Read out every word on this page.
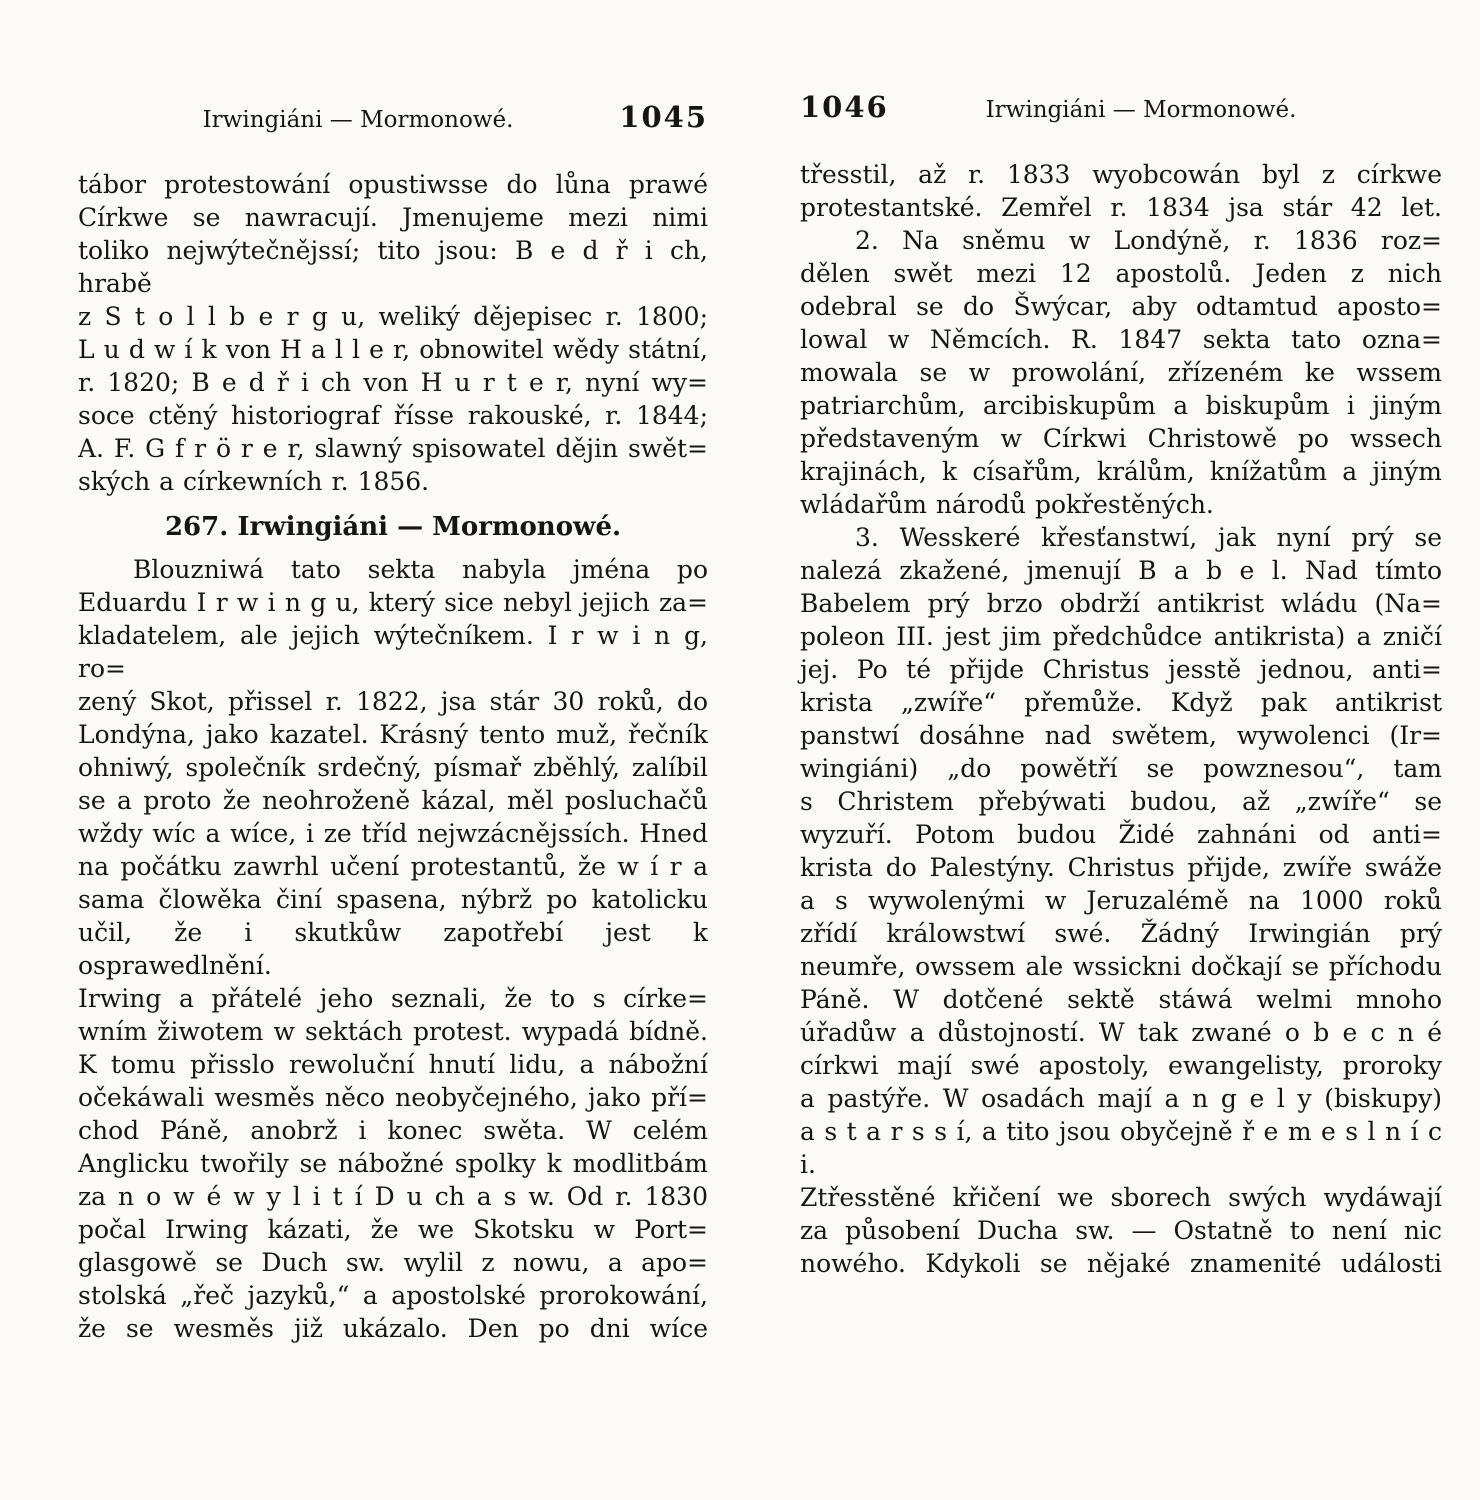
Irwingiáni — Mormonowé.	1045
tábor protestowání opustiwsse do lůna prawé
Církwe se nawracují. Jmenujeme mezi nimi
toliko nejwýtečnějssí; tito jsou: B e d ř i ch, hrabě
z S t o l l b e r g u, weliký dějepisec r. 1800;
L u d w í k von H a l l e r, obnowitel wědy státní,
r. 1820; B e d ř i ch von H u r t e r, nyní wy=
soce ctěný historiograf řísse rakouské, r. 1844;
A. F. G f r ö r e r, slawný spisowatel dějin swět=
ských a církewních r. 1856.
267. Irwingiáni — Mormonowé.
Blouzniwá tato sekta nabyla jména po
Eduardu I r w i n g u, který sice nebyl jejich za=
kladatelem, ale jejich wýtečníkem. I r w i n g, ro=
zený Skot, přissel r. 1822, jsa stár 30 roků, do
Londýna, jako kazatel. Krásný tento muž, řečník
ohniwý, společník srdečný, písmař zběhlý, zalíbil
se a proto že neohroženě kázal, měl posluchačů
wždy wíc a wíce, i ze tříd nejwzácnějssích. Hned
na počátku zawrhl učení protestantů, že w í r a
sama člowěka činí spasena, nýbrž po katolicku
učil, že i skutkůw zapotřebí jest k osprawedlnění.
Irwing a přátelé jeho seznali, že to s círke=
wním žiwotem w sektách protest. wypadá bídně.
K tomu přisslo rewoluční hnutí lidu, a nábožní
očekáwali wesměs něco neobyčejného, jako pří=
chod Páně, anobrž i konec swěta. W celém
Anglicku twořily se nábožné spolky k modlitbám
za n o w é w y l i t í D u ch a s w. Od r. 1830
počal Irwing kázati, že we Skotsku w Port=
glasgowě se Duch sw. wylil z nowu, a apo=
stolská „řeč jazyků,“ a apostolské prorokowání,
že se wesměs již ukázalo. Den po dni wíce
1046	Irwingiáni — Mormonowé.
třesstil, až r. 1833 wyobcowán byl z církwe
protestantské. Zemřel r. 1834 jsa stár 42 let.
2. Na sněmu w Londýně, r. 1836 roz=
dělen swět mezi 12 apostolů. Jeden z nich
odebral se do Šwýcar, aby odtamtud aposto=
lowal w Němcích. R. 1847 sekta tato ozna=
mowala se w prowolání, zřízeném ke wssem
patriarchům, arcibiskupům a biskupům i jiným
představeným w Církwi Christowě po wssech
krajinách, k císařům, králům, knížatům a jiným
wládařům národů pokřestěných.
3. Wesskeré křesťanstwí, jak nyní prý se
nalezá zkažené, jmenují B a b e l. Nad tímto
Babelem prý brzo obdrží antikrist wládu (Na=
poleon III. jest jim předchůdce antikrista) a zničí
jej. Po té přijde Christus jesstě jednou, anti=
krista „zwíře“ přemůže. Když pak antikrist
panstwí dosáhne nad swětem, wywolenci (Ir=
wingiáni) „do powětří se powznesou“, tam
s Christem přebýwati budou, až „zwíře“ se
wyzuří. Potom budou Židé zahnáni od anti=
krista do Palestýny. Christus přijde, zwíře swáže
a s wywolenými w Jeruzalémě na 1000 roků
zřídí králowstwí swé. Žádný Irwingián prý
neumře, owssem ale wssickni dočkají se příchodu
Páně. W dotčené sektě stáwá welmi mnoho
úřadůw a důstojností. W tak zwané o b e c n é
církwi mají swé apostoly, ewangelisty, proroky
a pastýře. W osadách mají a n g e l y (biskupy)
a s t a r s s í, a tito jsou obyčejně ř e m e s l n í c i.
Ztřesstěné křičení we sborech swých wydáwají
za působení Ducha sw. — Ostatně to není nic
nowého. Kdykoli se nějaké znamenité události
